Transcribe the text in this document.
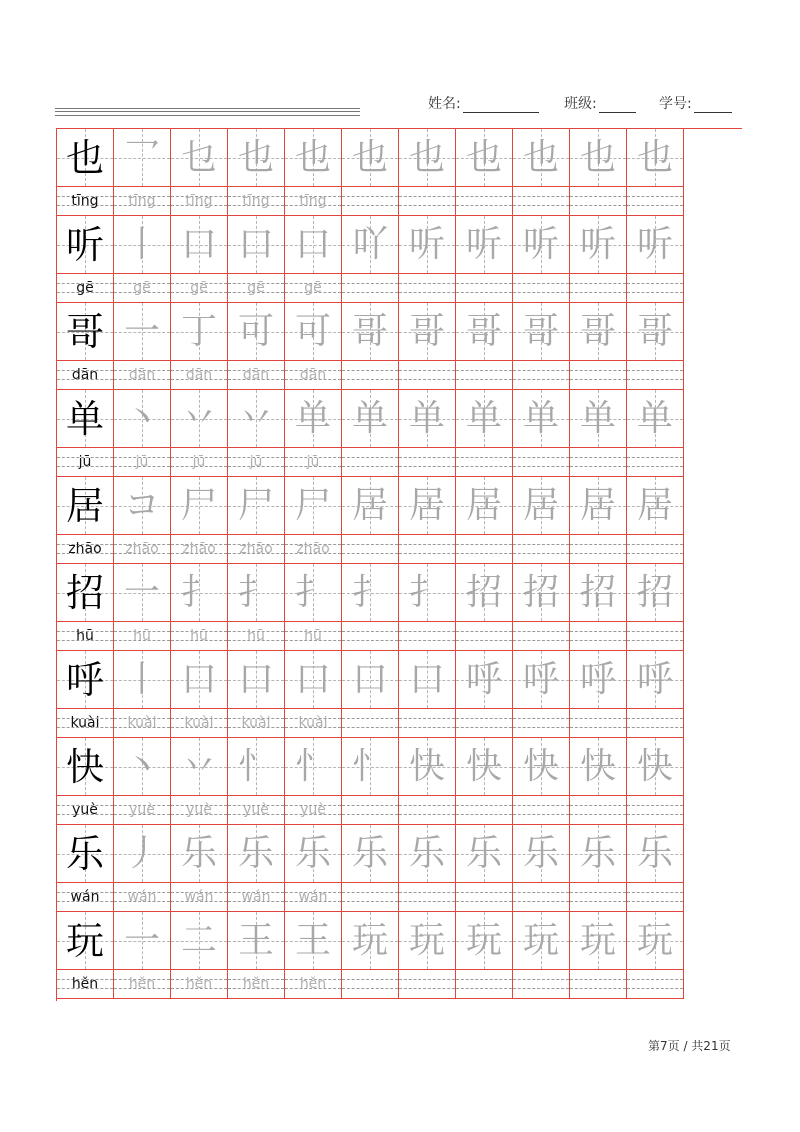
姓名:	班级:	学号:
也
tīng
乛
tīng
乜
tīng
也
tīng
也
tīng
也 也 也 也 也 也
听
gē
丨
gē
口
gē
口
gē
口
gē
吖 听 听 听 听 听
哥
dān
一
dān
丁
dān
可
dān
可
dān
哥 哥 哥 哥 哥 哥
单
jū
丶
jū
丷
jū
丷
jū
单
jū
单 单 单 单 单 单
居
zhāo
コ
zhāo
尸
zhāo
尸
zhāo
尸
zhāo
居 居 居 居 居 居
招
hū
一
hū
扌
hū
扌
hū
扌
hū
扌 扌 招 招 招 招
呼
kuài
丨
kuài
口
kuài
口
kuài
口
kuài
口 口 呼 呼 呼 呼
快
yuè
丶
yuè
丷
yuè
忄
yuè
忄
yuè
忄 快 快 快 快 快
乐
wán
丿
wán
乐
wán
乐
wán
乐
wán
乐 乐 乐 乐 乐 乐
玩
hěn
一
hěn
二
hěn
王
hěn
王
hěn
玩 玩 玩 玩 玩 玩
第7页 / 共21页
